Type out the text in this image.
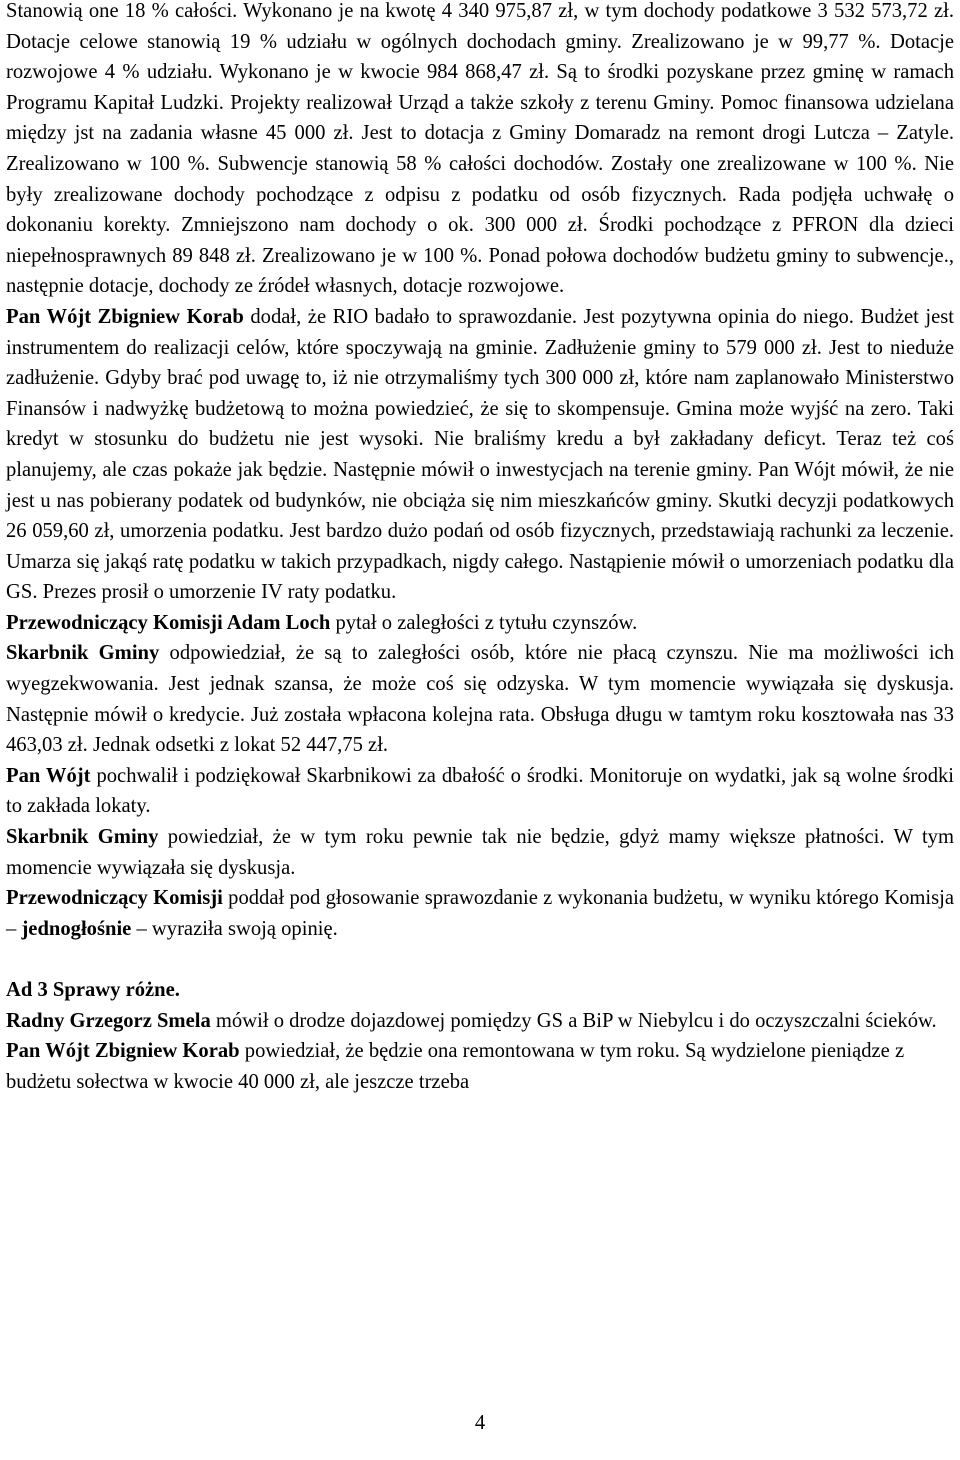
Stanowią one 18 % całości. Wykonano je na kwotę 4 340 975,87 zł, w tym dochody podatkowe 3 532 573,72 zł. Dotacje celowe stanowią 19 % udziału w ogólnych dochodach gminy. Zrealizowano je w 99,77 %. Dotacje rozwojowe 4 % udziału. Wykonano je w kwocie 984 868,47 zł. Są to środki pozyskane przez gminę w ramach Programu Kapitał Ludzki. Projekty realizował Urząd a także szkoły z terenu Gminy. Pomoc finansowa udzielana między jst na zadania własne 45 000 zł. Jest to dotacja z Gminy Domaradz na remont drogi Lutcza – Zatyle. Zrealizowano w 100 %. Subwencje stanowią 58 % całości dochodów. Zostały one zrealizowane w 100 %. Nie były zrealizowane dochody pochodzące z odpisu z podatku od osób fizycznych. Rada podjęła uchwałę o dokonaniu korekty. Zmniejszono nam dochody o ok. 300 000 zł. Środki pochodzące z PFRON dla dzieci niepełnosprawnych 89 848 zł. Zrealizowano je w 100 %. Ponad połowa dochodów budżetu gminy to subwencje., następnie dotacje, dochody ze źródeł własnych, dotacje rozwojowe.

Pan Wójt Zbigniew Korab dodał, że RIO badało to sprawozdanie. Jest pozytywna opinia do niego. Budżet jest instrumentem do realizacji celów, które spoczywają na gminie. Zadłużenie gminy to 579 000 zł. Jest to nieduże zadłużenie. Gdyby brać pod uwagę to, iż nie otrzymaliśmy tych 300 000 zł, które nam zaplanowało Ministerstwo Finansów i nadwyżkę budżetową to można powiedzieć, że się to skompensuje. Gmina może wyjść na zero. Taki kredyt w stosunku do budżetu nie jest wysoki. Nie braliśmy kredu a był zakładany deficyt. Teraz też coś planujemy, ale czas pokaże jak będzie. Następnie mówił o inwestycjach na terenie gminy. Pan Wójt mówił, że nie jest u nas pobierany podatek od budynków, nie obciąża się nim mieszkańców gminy. Skutki decyzji podatkowych 26 059,60 zł, umorzenia podatku. Jest bardzo dużo podań od osób fizycznych, przedstawiają rachunki za leczenie. Umarza się jakąś ratę podatku w takich przypadkach, nigdy całego. Nastąpienie mówił o umorzeniach podatku dla GS. Prezes prosił o umorzenie IV raty podatku.

Przewodniczący Komisji Adam Loch pytał o zaległości z tytułu czynszów.

Skarbnik Gminy odpowiedział, że są to zaległości osób, które nie płacą czynszu. Nie ma możliwości ich wyegzekwowania. Jest jednak szansa, że może coś się odzyska. W tym momencie wywiązała się dyskusja. Następnie mówił o kredycie. Już została wpłacona kolejna rata. Obsługa długu w tamtym roku kosztowała nas 33 463,03 zł. Jednak odsetki z lokat 52 447,75 zł.

Pan Wójt pochwalił i podziękował Skarbnikowi za dbałość o środki. Monitoruje on wydatki, jak są wolne środki to zakłada lokaty.

Skarbnik Gminy powiedział, że w tym roku pewnie tak nie będzie, gdyż mamy większe płatności. W tym momencie wywiązała się dyskusja.

Przewodniczący Komisji poddał pod głosowanie sprawozdanie z wykonania budżetu, w wyniku którego Komisja – jednogłośnie – wyraziła swoją opinię.

Ad 3 Sprawy różne.

Radny Grzegorz Smela mówił o drodze dojazdowej pomiędzy GS a BiP w Niebylcu i do oczyszczalni ścieków.

Pan Wójt Zbigniew Korab powiedział, że będzie ona remontowana w tym roku. Są wydzielone pieniądze z budżetu sołectwa w kwocie 40 000 zł, ale jeszcze trzeba

4
